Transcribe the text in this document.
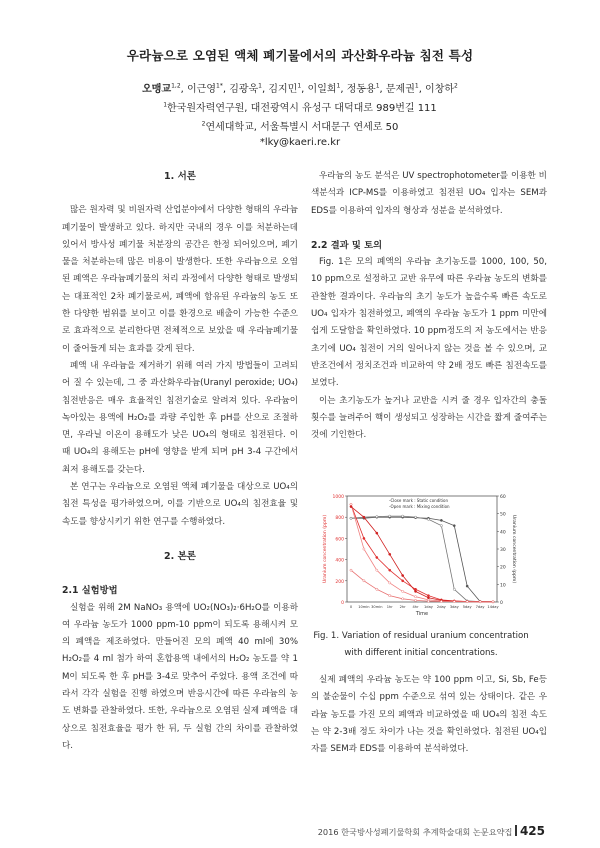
우라늄으로 오염된 액체 폐기물에서의 과산화우라늄 침전 특성
오맹교$^{1,2}$, 이근영$^{1*}$, 김광욱$^1$, 김지민$^1$, 이일희$^1$, 정동용$^1$, 문제권$^1$, 이창하$^2$
$^1$한국원자력연구원, 대전광역시 유성구 대덕대로 989번길 111
$^2$연세대학교, 서울특별시 서대문구 연세로 50
*lky@kaeri.re.kr

1. 서론

많은 원자력 및 비원자력 산업분야에서 다양한 형태의 우라늄폐기물이 발생하고 있다. 하지만 국내의 경우 이를 처분하는데 있어서 방사성 폐기물 처분장의 공간은 한정 되어있으며, 폐기물을 처분하는데 많은 비용이 발생한다. 또한 우라늄으로 오염된 폐액은 우라늄폐기물의 처리 과정에서 다양한 형태로 발생되는 대표적인 2차 폐기물로써, 폐액에 함유된 우라늄의 농도 또한 다양한 범위를 보이고 이를 환경으로 배출이 가능한 수준으로 효과적으로 분리한다면 전체적으로 보았을 때 우라늄폐기물이 줄어들게 되는 효과를 갖게 된다.

폐액 내 우라늄을 제거하기 위해 여러 가지 방법들이 고려되어 질 수 있는데, 그 중 과산화우라늄(Uranyl peroxide; UO₄) 침전반응은 매우 효율적인 침전기술로 알려져 있다. 우라늄이 녹아있는 용액에 H₂O₂를 과량 주입한 후 pH를 산으로 조절하면, 우라닐 이온이 용해도가 낮은 UO₄의 형태로 침전된다. 이 때 UO₄의 용해도는 pH에 영향을 받게 되며 pH 3-4 구간에서 최저 용해도를 갖는다.

본 연구는 우라늄으로 오염된 액체 폐기물을 대상으로 UO₄의 침전 특성을 평가하였으며, 이를 기반으로 UO₄의 침전효율 및 속도를 향상시키기 위한 연구를 수행하였다.

2. 본론

2.1 실험방법

실험을 위해 2M NaNO₃ 용액에 UO₂(NO₃)₂·6H₂O를 이용하여 우라늄 농도가 1000 ppm-10 ppm이 되도록 용해시켜 모의 폐액을 제조하였다. 만들어진 모의 폐액 40 ml에 30% H₂O₂를 4 ml 첨가 하여 혼합용액 내에서의 H₂O₂ 농도를 약 1 M이 되도록 한 후 pH를 3-4로 맞추어 주었다. 용액 조건에 따라서 각각 실험을 진행 하였으며 반응시간에 따른 우라늄의 농도 변화를 관찰하였다. 또한, 우라늄으로 오염된 실제 폐액을 대상으로 침전효율을 평가 한 뒤, 두 실험 간의 차이를 관찰하였다.

우라늄의 농도 분석은 UV spectrophotometer를 이용한 비색분석과 ICP-MS를 이용하였고 침전된 UO₄ 입자는 SEM과 EDS를 이용하여 입자의 형상과 성분을 분석하였다.

2.2 결과 및 토의

Fig. 1은 모의 폐액의 우라늄 초기농도를 1000, 100, 50, 10 ppm으로 설정하고 교반 유무에 따른 우라늄 농도의 변화를 관찰한 결과이다. 우라늄의 초기 농도가 높을수록 빠른 속도로 UO₄ 입자가 침전하였고, 폐액의 우라늄 농도가 1 ppm 미만에 쉽게 도달함을 확인하였다. 10 ppm정도의 저 농도에서는 반응 초기에 UO₄ 침전이 거의 일어나지 않는 것을 볼 수 있으며, 교반조건에서 정치조건과 비교하여 약 2배 정도 빠른 침전속도를 보였다.

이는 초기농도가 높거나 교반을 시켜 줄 경우 입자간의 충돌횟수를 늘려주어 핵이 생성되고 성장하는 시간을 짧게 줄여주는 것에 기인한다.

0
200
400
600
800
1000
0
10
20
30
40
50
60
0 10min 30min 1hr 2hr 4hr 1day 2day 3day 5day 7day 14day
Time
Uranium concentration (ppm)	Uranium concentration (ppm)
-Close mark : Static condition
-Open mark : Mixing condition
Fig. 1. Variation of residual uranium concentration with different initial concentrations.

실제 폐액의 우라늄 농도는 약 100 ppm 이고, Si, Sb, Fe등의 불순물이 수십 ppm 수준으로 섞여 있는 상태이다. 같은 우라늄 농도를 가진 모의 폐액과 비교하였을 때 UO₄의 침전 속도는 약 2-3배 정도 차이가 나는 것을 확인하였다. 침전된 UO₄입자를 SEM과 EDS를 이용하여 분석하였다.

2016 한국방사성폐기물학회 추계학술대회 논문요약집 425
